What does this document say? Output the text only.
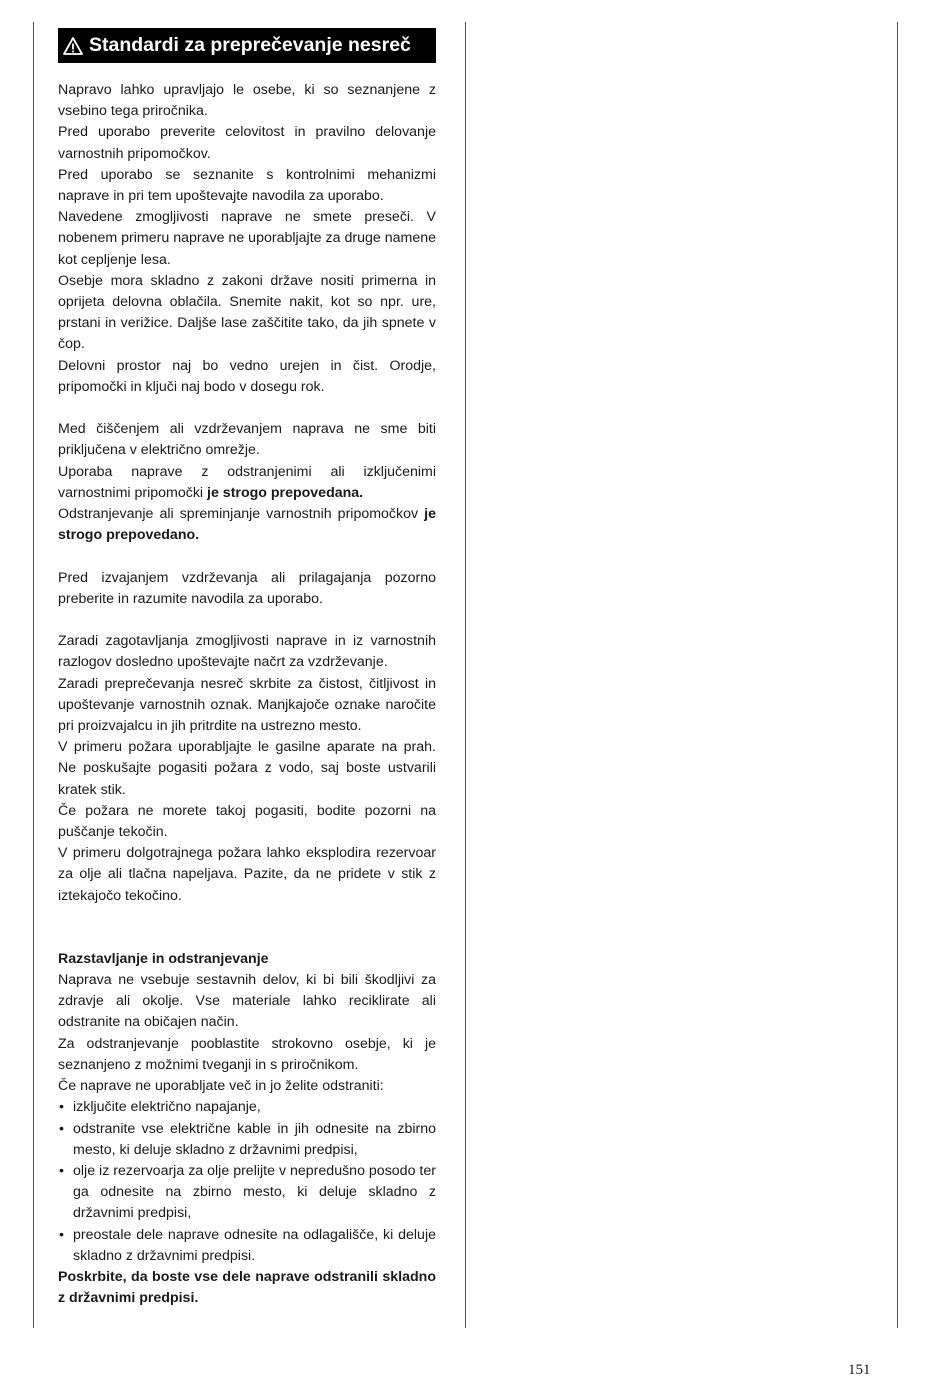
Standardi za preprečevanje nesreč

Napravo lahko upravljajo le osebe, ki so seznanjene z vsebino tega priročnika.

Pred uporabo preverite celovitost in pravilno delovanje varnostnih pripomočkov.

Pred uporabo se seznanite s kontrolnimi mehanizmi naprave in pri tem upoštevajte navodila za uporabo.

Navedene zmogljivosti naprave ne smete preseči. V nobenem primeru naprave ne uporabljajte za druge namene kot cepljenje lesa.

Osebje mora skladno z zakoni države nositi primerna in oprijeta delovna oblačila. Snemite nakit, kot so npr. ure, prstani in verižice. Daljše lase zaščitite tako, da jih spnete v čop.

Delovni prostor naj bo vedno urejen in čist. Orodje, pripomočki in ključi naj bodo v dosegu rok.

Med čiščenjem ali vzdrževanjem naprava ne sme biti priključena v električno omrežje.

Uporaba naprave z odstranjenimi ali izključenimi varnostnimi pripomočki je strogo prepovedana.

Odstranjevanje ali spreminjanje varnostnih pripomočkov je strogo prepovedano.

Pred izvajanjem vzdrževanja ali prilagajanja pozorno preberite in razumite navodila za uporabo.

Zaradi zagotavljanja zmogljivosti naprave in iz varnostnih razlogov dosledno upoštevajte načrt za vzdrževanje.

Zaradi preprečevanja nesreč skrbite za čistost, čitljivost in upoštevanje varnostnih oznak. Manjkajoče oznake naročite pri proizvajalcu in jih pritrdite na ustrezno mesto.

V primeru požara uporabljajte le gasilne aparate na prah. Ne poskušajte pogasiti požara z vodo, saj boste ustvarili kratek stik.

Če požara ne morete takoj pogasiti, bodite pozorni na puščanje tekočin.

V primeru dolgotrajnega požara lahko eksplodira rezervoar za olje ali tlačna napeljava. Pazite, da ne pridete v stik z iztekajočo tekočino.

Razstavljanje in odstranjevanje

Naprava ne vsebuje sestavnih delov, ki bi bili škodljivi za zdravje ali okolje. Vse materiale lahko reciklirate ali odstranite na običajen način.

Za odstranjevanje pooblastite strokovno osebje, ki je seznanjeno z možnimi tveganji in s priročnikom.

Če naprave ne uporabljate več in jo želite odstraniti:

• izključite električno napajanje,
• odstranite vse električne kable in jih odnesite na zbirno mesto, ki deluje skladno z državnimi predpisi,
• olje iz rezervoarja za olje prelijte v nepredušno posodo ter ga odnesite na zbirno mesto, ki deluje skladno z državnimi predpisi,
• preostale dele naprave odnesite na odlagališče, ki deluje skladno z državnimi predpisi.

Poskrbite, da boste vse dele naprave odstranili skladno z državnimi predpisi.

151
